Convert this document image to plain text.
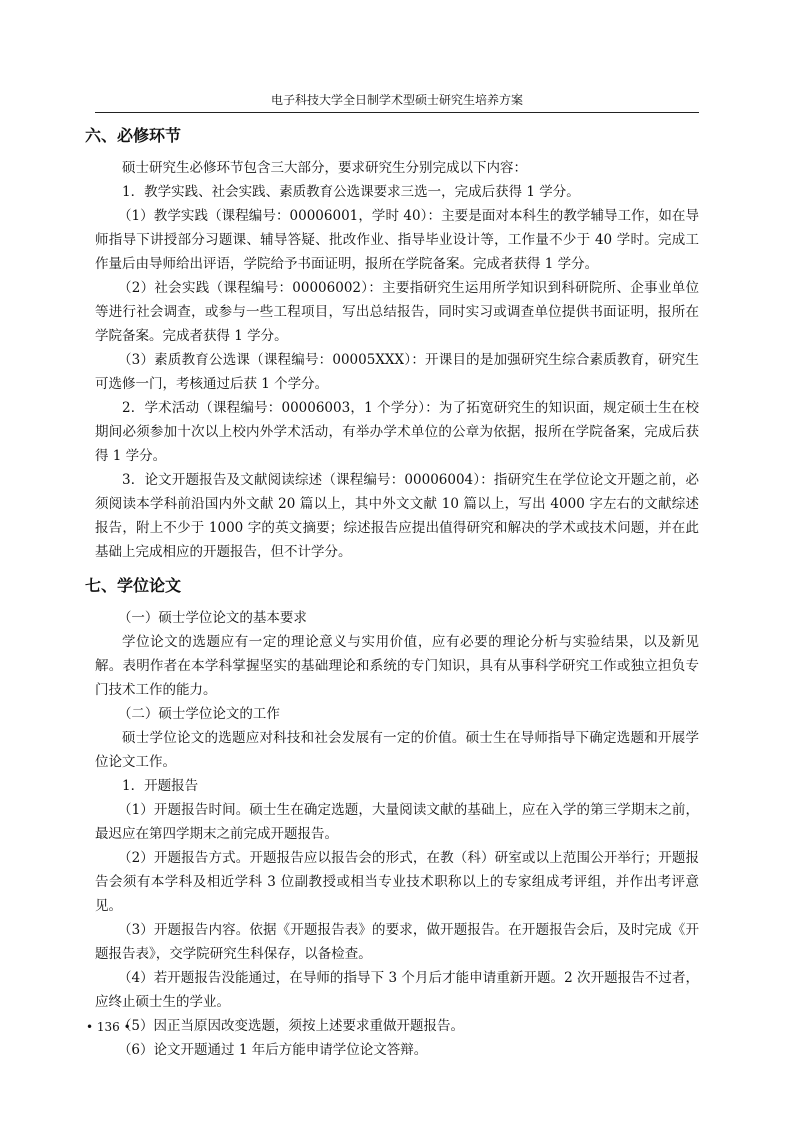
电子科技大学全日制学术型硕士研究生培养方案
六、必修环节

硕士研究生必修环节包含三大部分，要求研究生分别完成以下内容：

1．教学实践、社会实践、素质教育公选课要求三选一，完成后获得 1 学分。

（1）教学实践（课程编号：00006001，学时 40）：主要是面对本科生的教学辅导工作，如在导师指导下讲授部分习题课、辅导答疑、批改作业、指导毕业设计等，工作量不少于 40 学时。完成工作量后由导师给出评语，学院给予书面证明，报所在学院备案。完成者获得 1 学分。

（2）社会实践（课程编号：00006002）：主要指研究生运用所学知识到科研院所、企事业单位等进行社会调查，或参与一些工程项目，写出总结报告，同时实习或调查单位提供书面证明，报所在学院备案。完成者获得 1 学分。

（3）素质教育公选课（课程编号：00005XXX）：开课目的是加强研究生综合素质教育，研究生可选修一门，考核通过后获 1 个学分。

2．学术活动（课程编号：00006003，1 个学分）：为了拓宽研究生的知识面，规定硕士生在校期间必须参加十次以上校内外学术活动，有举办学术单位的公章为依据，报所在学院备案，完成后获得 1 学分。

3．论文开题报告及文献阅读综述（课程编号：00006004）：指研究生在学位论文开题之前，必须阅读本学科前沿国内外文献 20 篇以上，其中外文文献 10 篇以上，写出 4000 字左右的文献综述报告，附上不少于 1000 字的英文摘要；综述报告应提出值得研究和解决的学术或技术问题，并在此基础上完成相应的开题报告，但不计学分。

七、学位论文

（一）硕士学位论文的基本要求

学位论文的选题应有一定的理论意义与实用价值，应有必要的理论分析与实验结果，以及新见解。表明作者在本学科掌握坚实的基础理论和系统的专门知识，具有从事科学研究工作或独立担负专门技术工作的能力。

（二）硕士学位论文的工作

硕士学位论文的选题应对科技和社会发展有一定的价值。硕士生在导师指导下确定选题和开展学位论文工作。

1．开题报告

（1）开题报告时间。硕士生在确定选题，大量阅读文献的基础上，应在入学的第三学期末之前，最迟应在第四学期末之前完成开题报告。

（2）开题报告方式。开题报告应以报告会的形式，在教（科）研室或以上范围公开举行；开题报告会须有本学科及相近学科 3 位副教授或相当专业技术职称以上的专家组成考评组，并作出考评意见。

（3）开题报告内容。依据《开题报告表》的要求，做开题报告。在开题报告会后，及时完成《开题报告表》，交学院研究生科保存，以备检查。

（4）若开题报告没能通过，在导师的指导下 3 个月后才能申请重新开题。2 次开题报告不过者，应终止硕士生的学业。

（5）因正当原因改变选题，须按上述要求重做开题报告。

（6）论文开题通过 1 年后方能申请学位论文答辩。

• 136 •
